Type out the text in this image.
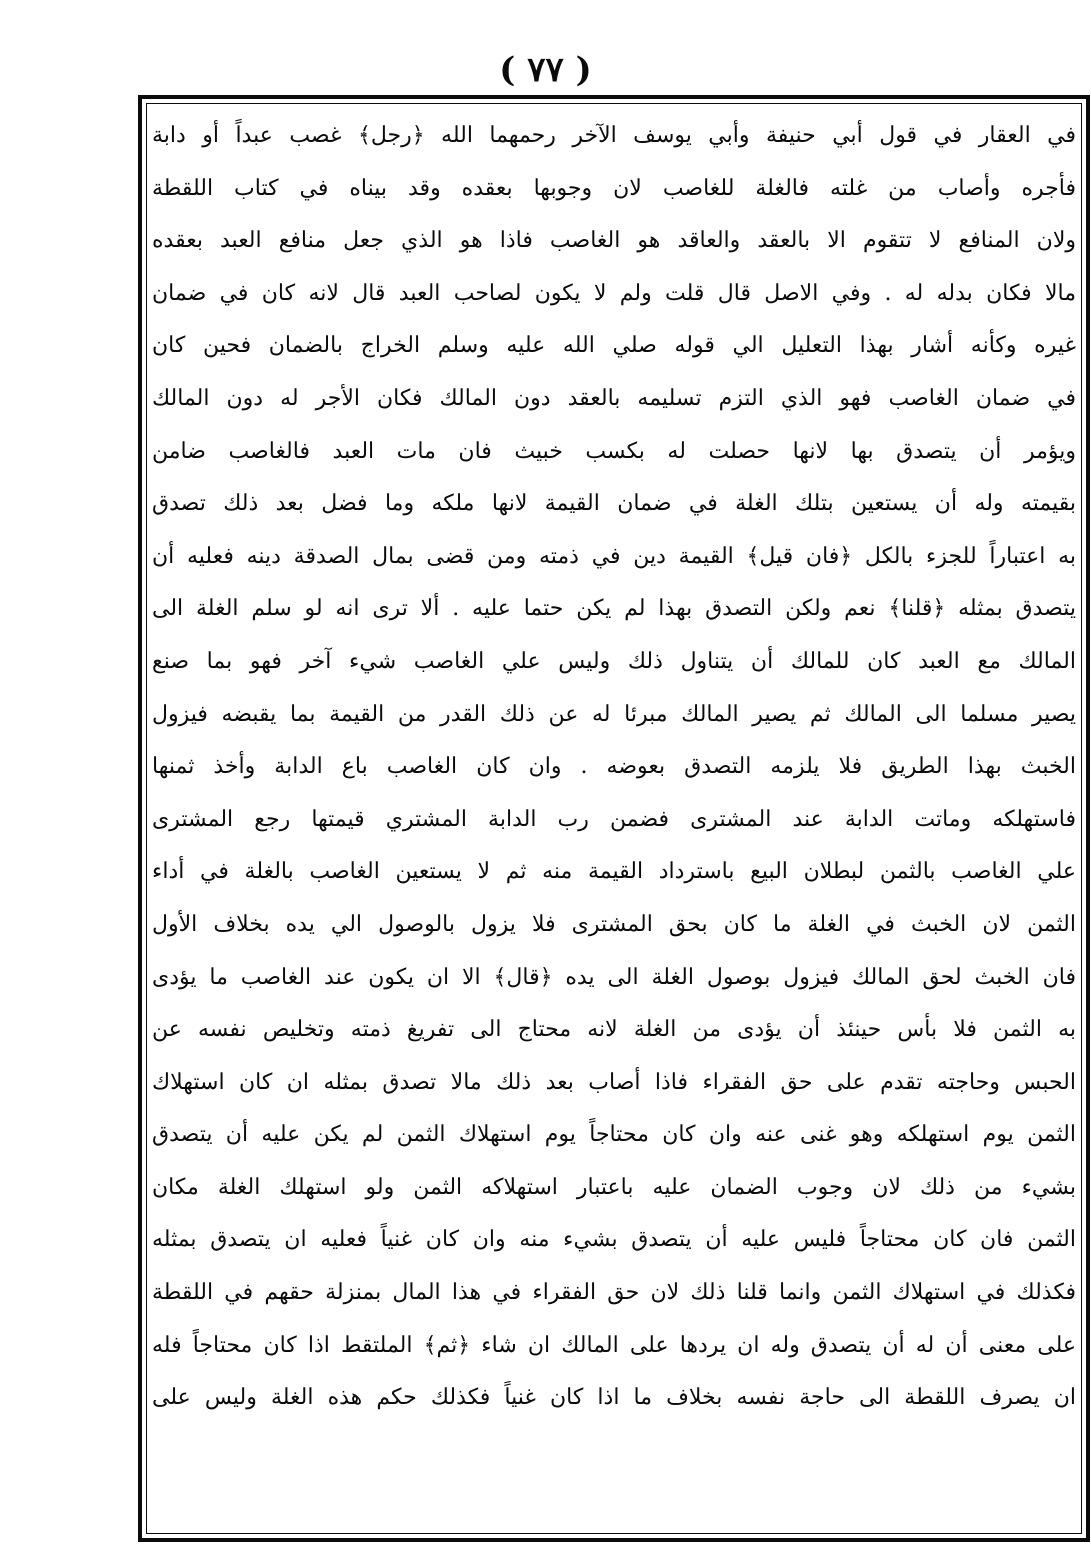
( ٧٧ )
في العقار في قول أبي حنيفة وأبي يوسف الآخر رحمهما الله ﴿رجل﴾ غصب عبداً أو دابة
فأجره وأصاب من غلته فالغلة للغاصب لان وجوبها بعقده وقد بيناه في كتاب اللقطة
ولان المنافع لا تتقوم الا بالعقد والعاقد هو الغاصب فاذا هو الذي جعل منافع العبد بعقده
مالا فكان بدله له . وفي الاصل قال قلت ولم لا يكون لصاحب العبد قال لانه كان في ضمان
غيره وكأنه أشار بهذا التعليل الي قوله صلي الله عليه وسلم الخراج بالضمان فحين كان
في ضمان الغاصب فهو الذي التزم تسليمه بالعقد دون المالك فكان الأجر له دون المالك
ويؤمر أن يتصدق بها لانها حصلت له بكسب خبيث فان مات العبد فالغاصب ضامن
بقيمته وله أن يستعين بتلك الغلة في ضمان القيمة لانها ملكه وما فضل بعد ذلك تصدق
به اعتباراً للجزء بالكل ﴿فان قيل﴾ القيمة دين في ذمته ومن قضى بمال الصدقة دينه فعليه أن
يتصدق بمثله ﴿قلنا﴾ نعم ولكن التصدق بهذا لم يكن حتما عليه . ألا ترى انه لو سلم الغلة الى
المالك مع العبد كان للمالك أن يتناول ذلك وليس علي الغاصب شيء آخر فهو بما صنع
يصير مسلما الى المالك ثم يصير المالك مبرئا له عن ذلك القدر من القيمة بما يقبضه فيزول
الخبث بهذا الطريق فلا يلزمه التصدق بعوضه . وان كان الغاصب باع الدابة وأخذ ثمنها
فاستهلكه وماتت الدابة عند المشترى فضمن رب الدابة المشتري قيمتها رجع المشترى
علي الغاصب بالثمن لبطلان البيع باسترداد القيمة منه ثم لا يستعين الغاصب بالغلة في أداء
الثمن لان الخبث في الغلة ما كان بحق المشترى فلا يزول بالوصول الي يده بخلاف الأول
فان الخبث لحق المالك فيزول بوصول الغلة الى يده ﴿قال﴾ الا ان يكون عند الغاصب ما يؤدى
به الثمن فلا بأس حينئذ أن يؤدى من الغلة لانه محتاج الى تفريغ ذمته وتخليص نفسه عن
الحبس وحاجته تقدم على حق الفقراء فاذا أصاب بعد ذلك مالا تصدق بمثله ان كان استهلاك
الثمن يوم استهلكه وهو غنى عنه وان كان محتاجاً يوم استهلاك الثمن لم يكن عليه أن يتصدق
بشيء من ذلك لان وجوب الضمان عليه باعتبار استهلاكه الثمن ولو استهلك الغلة مكان
الثمن فان كان محتاجاً فليس عليه أن يتصدق بشيء منه وان كان غنياً فعليه ان يتصدق بمثله
فكذلك في استهلاك الثمن وانما قلنا ذلك لان حق الفقراء في هذا المال بمنزلة حقهم في اللقطة
على معنى أن له أن يتصدق وله ان يردها على المالك ان شاء ﴿ثم﴾ الملتقط اذا كان محتاجاً فله
ان يصرف اللقطة الى حاجة نفسه بخلاف ما اذا كان غنياً فكذلك حكم هذه الغلة وليس على
